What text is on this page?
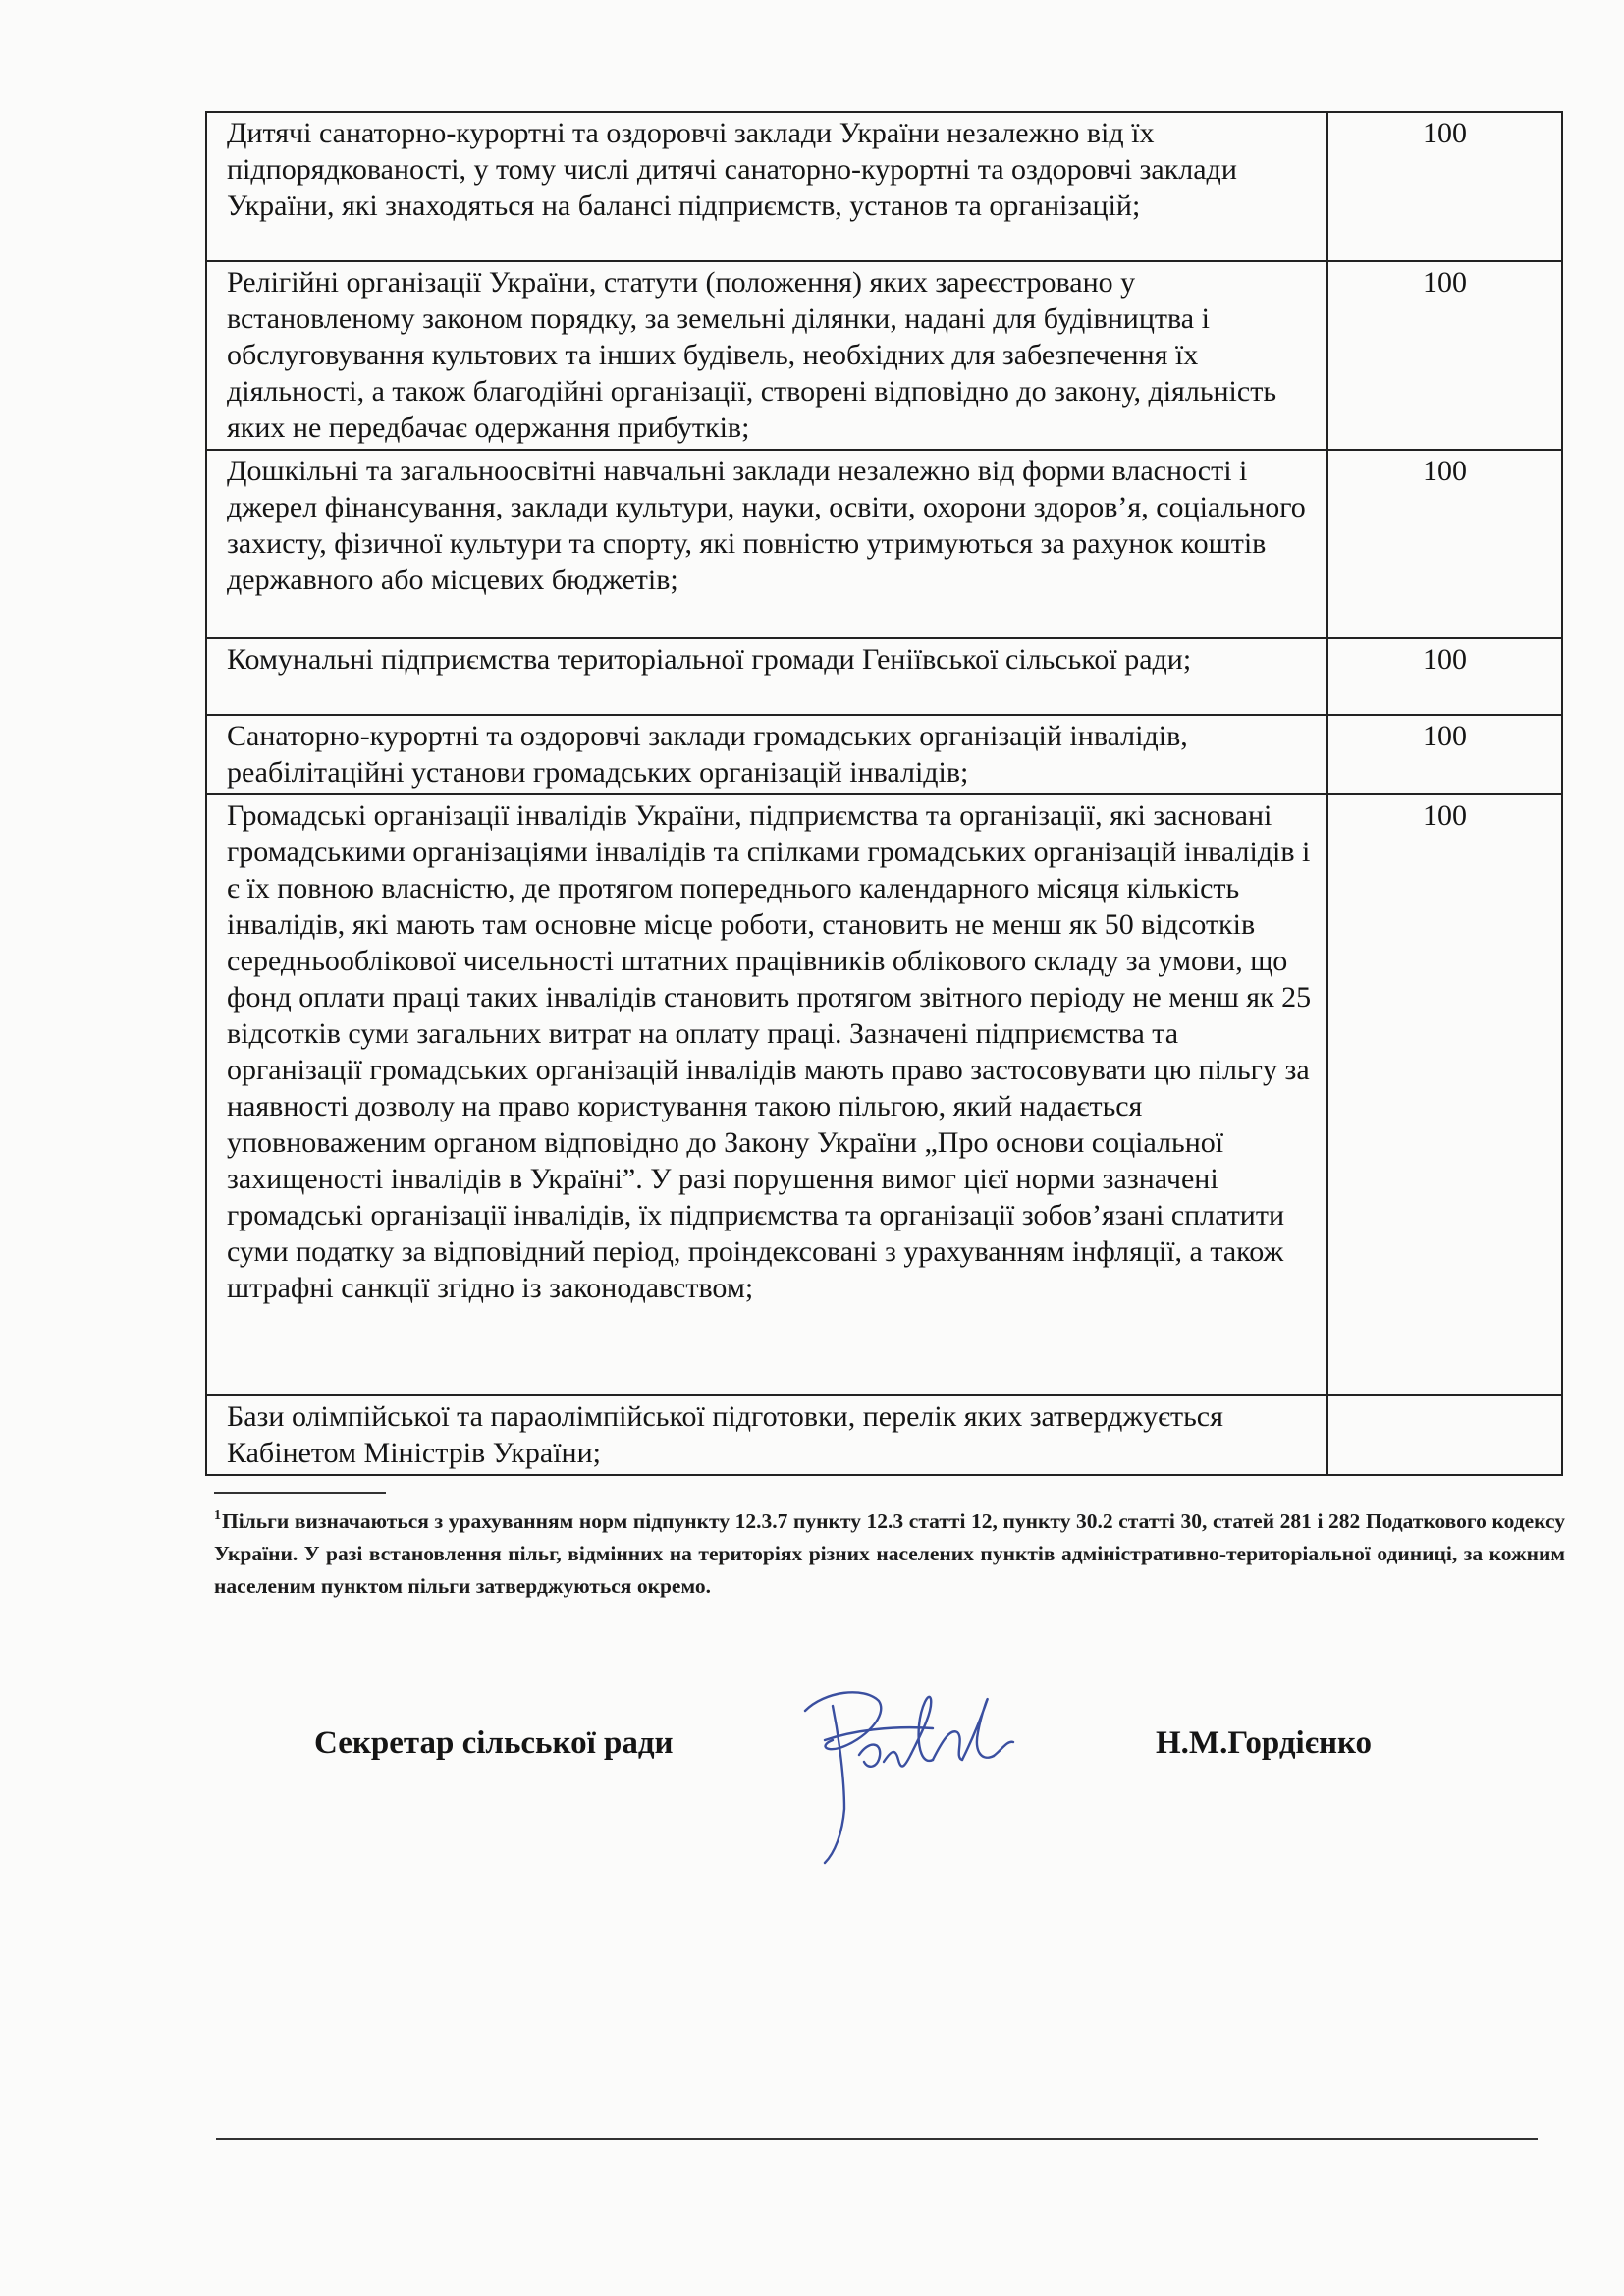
Дитячі санаторно-курортні та оздоровчі заклади України незалежно від їх підпорядкованості, у тому числі дитячі санаторно-курортні та оздоровчі заклади України, які знаходяться на балансі підприємств, установ та організацій;	100
Релігійні організації України, статути (положення) яких зареєстровано у встановленому законом порядку, за земельні ділянки, надані для будівництва і обслуговування культових та інших будівель, необхідних для забезпечення їх діяльності, а також благодійні організації, створені відповідно до закону, діяльність яких не передбачає одержання прибутків;	100
Дошкільні та загальноосвітні навчальні заклади незалежно від форми власності і джерел фінансування, заклади культури, науки, освіти, охорони здоров’я, соціального захисту, фізичної культури та спорту, які повністю утримуються за рахунок коштів державного або місцевих бюджетів;	100
Комунальні підприємства територіальної громади Геніївської сільської ради;	100
Санаторно-курортні та оздоровчі заклади громадських організацій інвалідів, реабілітаційні установи громадських організацій інвалідів;	100
Громадські організації інвалідів України, підприємства та організації, які засновані громадськими організаціями інвалідів та спілками громадських організацій інвалідів і є їх повною власністю, де протягом попереднього календарного місяця кількість інвалідів, які мають там основне місце роботи, становить не менш як 50 відсотків середньооблікової чисельності штатних працівників облікового складу за умови, що фонд оплати праці таких інвалідів становить протягом звітного періоду не менш як 25 відсотків суми загальних витрат на оплату праці. Зазначені підприємства та організації громадських організацій інвалідів мають право застосовувати цю пільгу за наявності дозволу на право користування такою пільгою, який надається уповноваженим органом відповідно до Закону України „Про основи соціальної захищеності інвалідів в Україні”. У разі порушення вимог цієї норми зазначені громадські організації інвалідів, їх підприємства та організації зобов’язані сплатити суми податку за відповідний період, проіндексовані з урахуванням інфляції, а також штрафні санкції згідно із законодавством;	100
Бази олімпійської та параолімпійської підготовки, перелік яких затверджується Кабінетом Міністрів України;	
$^1$Пільги визначаються з урахуванням норм підпункту 12.3.7 пункту 12.3 статті 12, пункту 30.2 статті 30, статей 281 і 282 Податкового кодексу України. У разі встановлення пільг, відмінних на територіях різних населених пунктів адміністративно-територіальної одиниці, за кожним населеним пунктом пільги затверджуються окремо.
Секретар сільської ради	Н.М.Гордієнко
